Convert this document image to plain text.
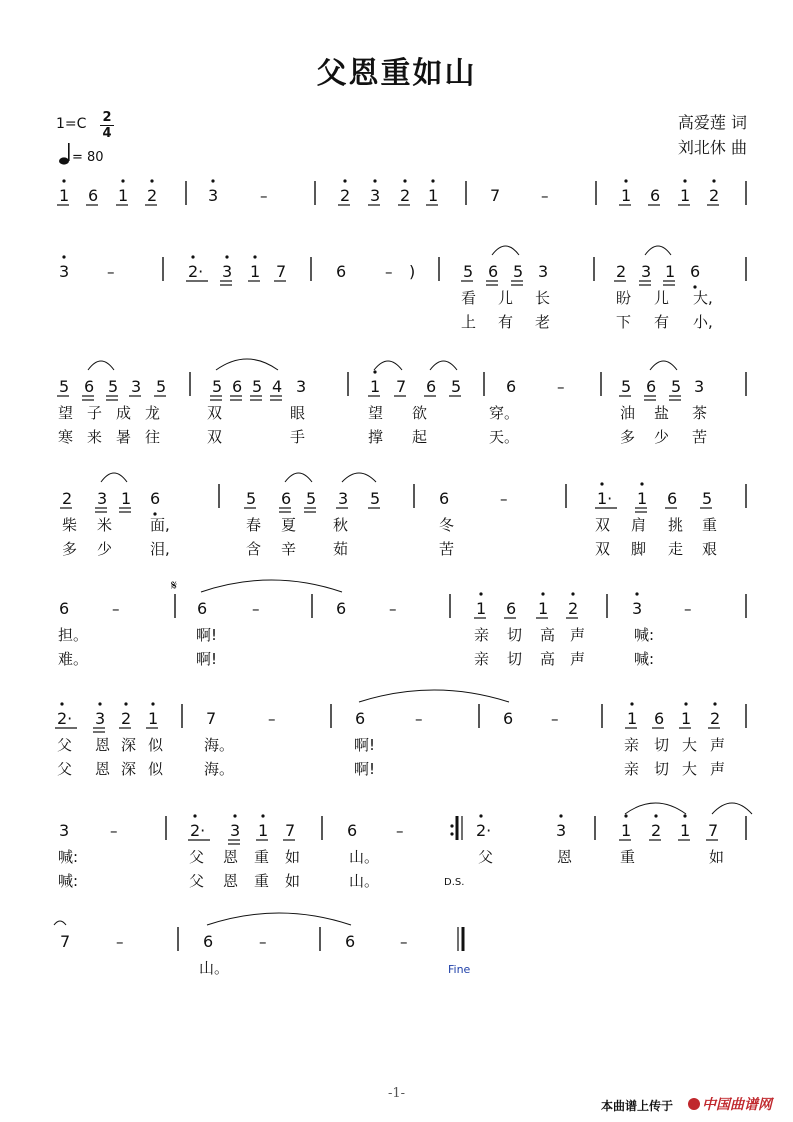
父恩重如山
1=C 2
4
= 80
高爱莲 词
刘北休 曲
1 6 1 2	3	–	2 3 2 1	7	–	1 6 1 2
3	–	2· 3 1 7	6	– )	5 6 5 3	2 3 1 6
看 儿 长	盼 儿 大,
上 有 老	下 有 小,
5 6 5 3 5	5 6 5 4 3	1 7 6 5	6	–	5 6 5 3
望 子 成 龙	双	眼	望 欲	穿。	油 盐 茶
寒 来 暑 往	双	手	撑 起	天。	多 少 苦
2 3 1 6	5 6 5 3 5	6	–	1· 1 6 5
柴 米	面,	春 夏 秋	冬	双 肩 挑 重
多 少	泪,	含 辛 茹	苦	双 脚 走 艰
6	–	6	–	6	–	1 6 1 2	3	–
担。	啊!	亲 切 高 声	喊:
难。	啊!	亲 切 高 声	喊:
𝄋
2· 3 2 1	7	–	6	–	6	–	1 6 1 2
父 恩 深 似	海。	啊!	亲 切 大 声
父 恩 深 似	海。	啊!	亲 切 大 声
3	–	2· 3 1 7	6	–	2·	3	1 2 1 7
喊:	父 恩 重 如	山。	父	恩	重	如
喊:	父 恩 重 如	山。	D.S.
7	–	6	–	6	–
山。	Fine
-1-
本曲谱上传于	中国曲谱网
